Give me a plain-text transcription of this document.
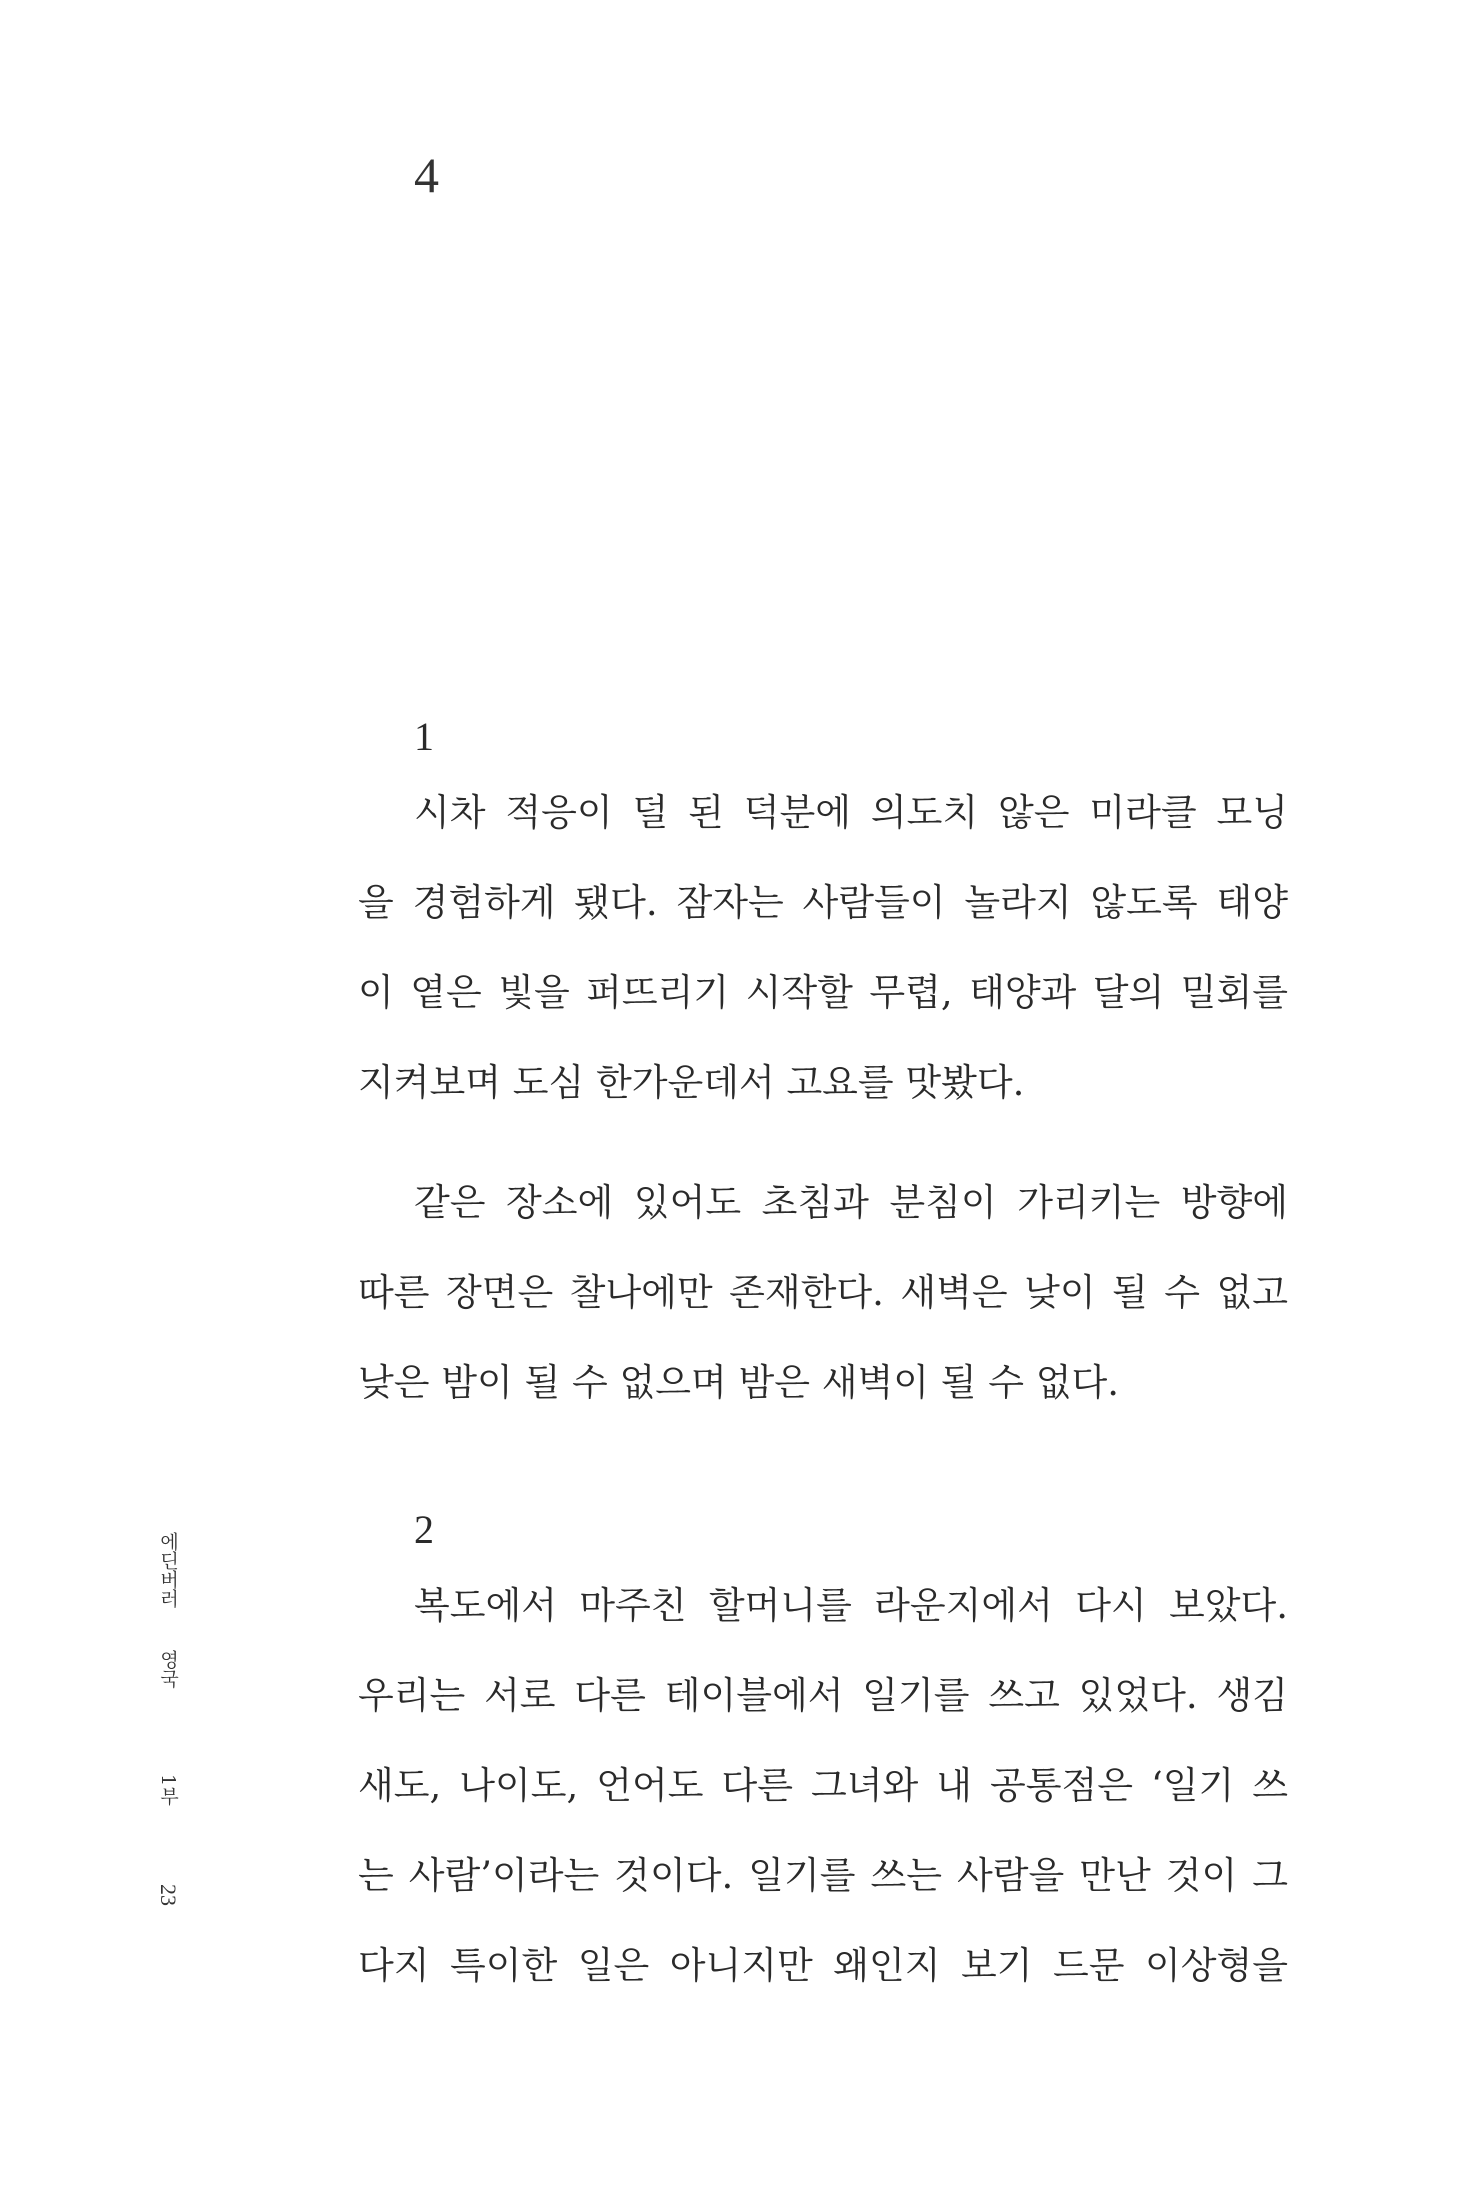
4
1
시차 적응이 덜 된 덕분에 의도치 않은 미라클 모닝
을 경험하게 됐다. 잠자는 사람들이 놀라지 않도록 태양
이 옅은 빛을 퍼뜨리기 시작할 무렵, 태양과 달의 밀회를
지켜보며 도심 한가운데서 고요를 맛봤다.
같은 장소에 있어도 초침과 분침이 가리키는 방향에
따른 장면은 찰나에만 존재한다. 새벽은 낮이 될 수 없고
낮은 밤이 될 수 없으며 밤은 새벽이 될 수 없다.
2
복도에서 마주친 할머니를 라운지에서 다시 보았다.
우리는 서로 다른 테이블에서 일기를 쓰고 있었다. 생김
새도, 나이도, 언어도 다른 그녀와 내 공통점은 ‘일기 쓰
는 사람’이라는 것이다. 일기를 쓰는 사람을 만난 것이 그
다지 특이한 일은 아니지만 왜인지 보기 드문 이상형을
에딘버러
영국
1부
23
